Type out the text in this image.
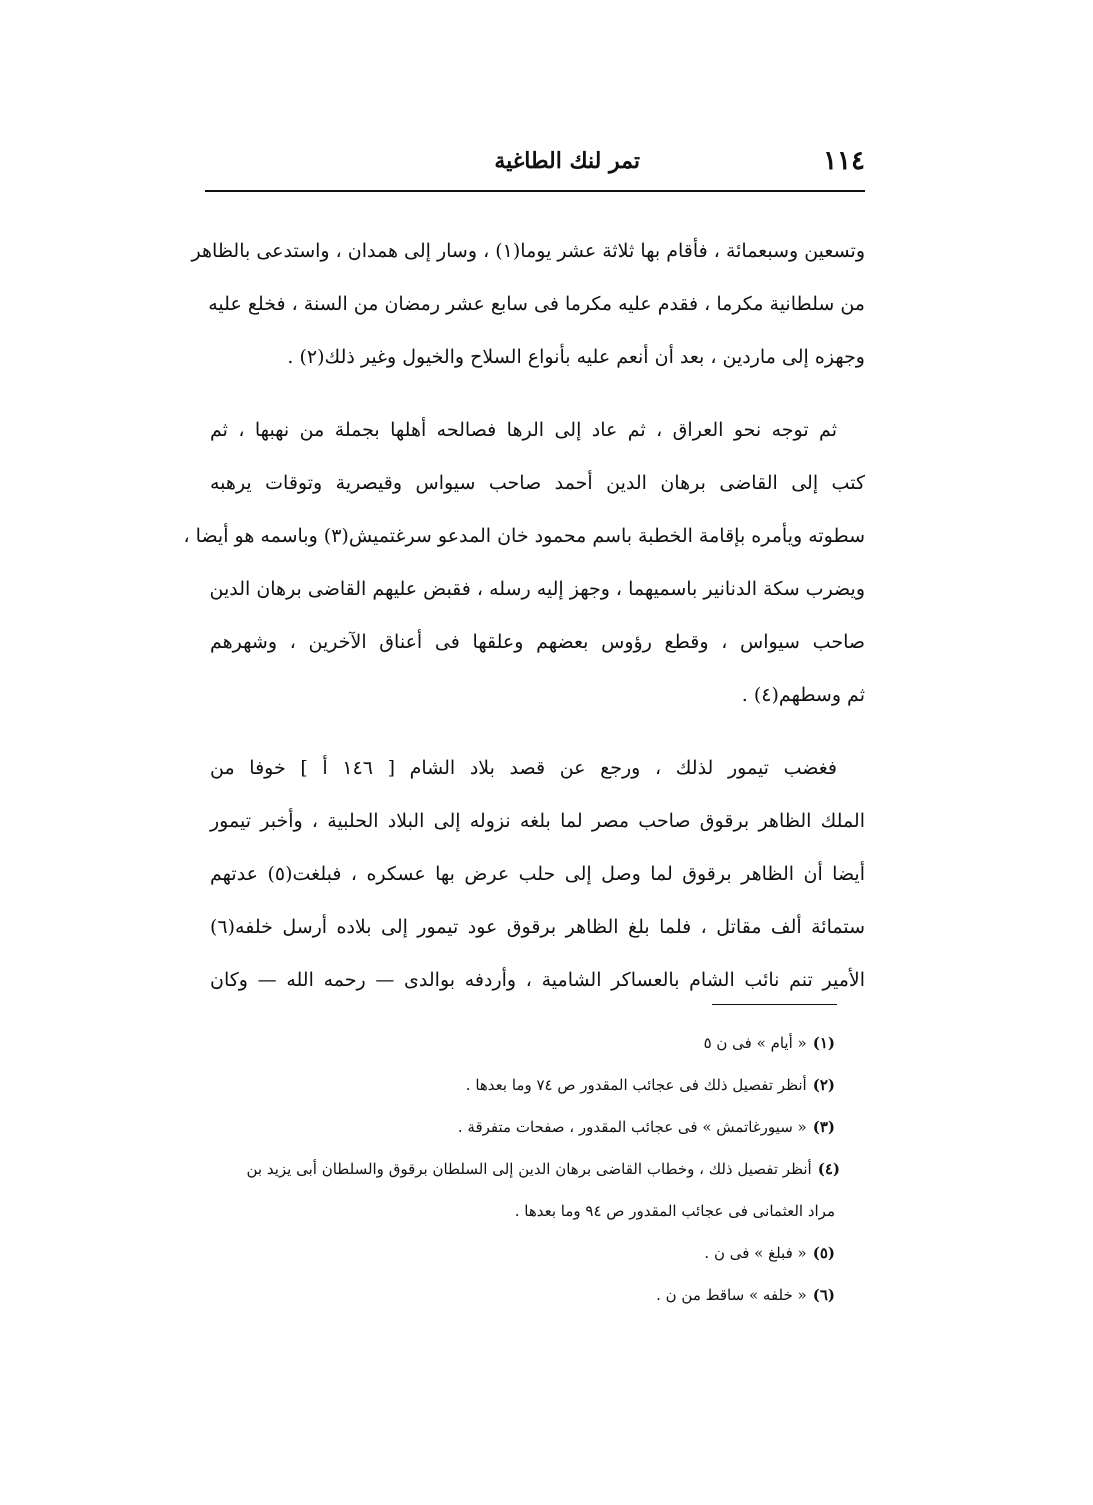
١١٤
تمر لنك الطاغية

وتسعين وسبعمائة ، فأقام بها ثلاثة عشر يوما(١) ، وسار إلى همدان ، واستدعى بالظاهر
من سلطانية مكرما ، فقدم عليه مكرما فى سابع عشر رمضان من السنة ، فخلع عليه
وجهزه إلى ماردين ، بعد أن أنعم عليه بأنواع السلاح والخيول وغير ذلك(٢) .

ثم توجه نحو العراق ، ثم عاد إلى الرها فصالحه أهلها بجملة من نهبها ، ثم
كتب إلى القاضى برهان الدين أحمد صاحب سيواس وقيصرية وتوقات يرهبه
سطوته ويأمره بإقامة الخطبة باسم محمود خان المدعو سرغتميش(٣) وباسمه هو أيضا ،
ويضرب سكة الدنانير باسميهما ، وجهز إليه رسله ، فقبض عليهم القاضى برهان الدين
صاحب سيواس ، وقطع رؤوس بعضهم وعلقها فى أعناق الآخرين ، وشهرهم
ثم وسطهم(٤) .

فغضب تيمور لذلك ، ورجع عن قصد بلاد الشام [ ١٤٦ أ ] خوفا من
الملك الظاهر برقوق صاحب مصر لما بلغه نزوله إلى البلاد الحلبية ، وأخبر تيمور
أيضا أن الظاهر برقوق لما وصل إلى حلب عرض بها عسكره ، فبلغت(٥) عدتهم
ستمائة ألف مقاتل ، فلما بلغ الظاهر برقوق عود تيمور إلى بلاده أرسل خلفه(٦)
الأمير تنم نائب الشام بالعساكر الشامية ، وأردفه بوالدى — رحمه الله — وكان

(١)« أيام » فى ن ٥
(٢)أنظر تفصيل ذلك فى عجائب المقدور ص ٧٤ وما بعدها .
(٣)« سيورغاتمش » فى عجائب المقدور ، صفحات متفرقة .
(٤)أنظر تفصيل ذلك ، وخطاب القاضى برهان الدين إلى السلطان برقوق والسلطان أبى يزيد بن
مراد العثمانى فى عجائب المقدور ص ٩٤ وما بعدها .
(٥)« فبلغ » فى ن .
(٦)« خلفه » ساقط من ن .
